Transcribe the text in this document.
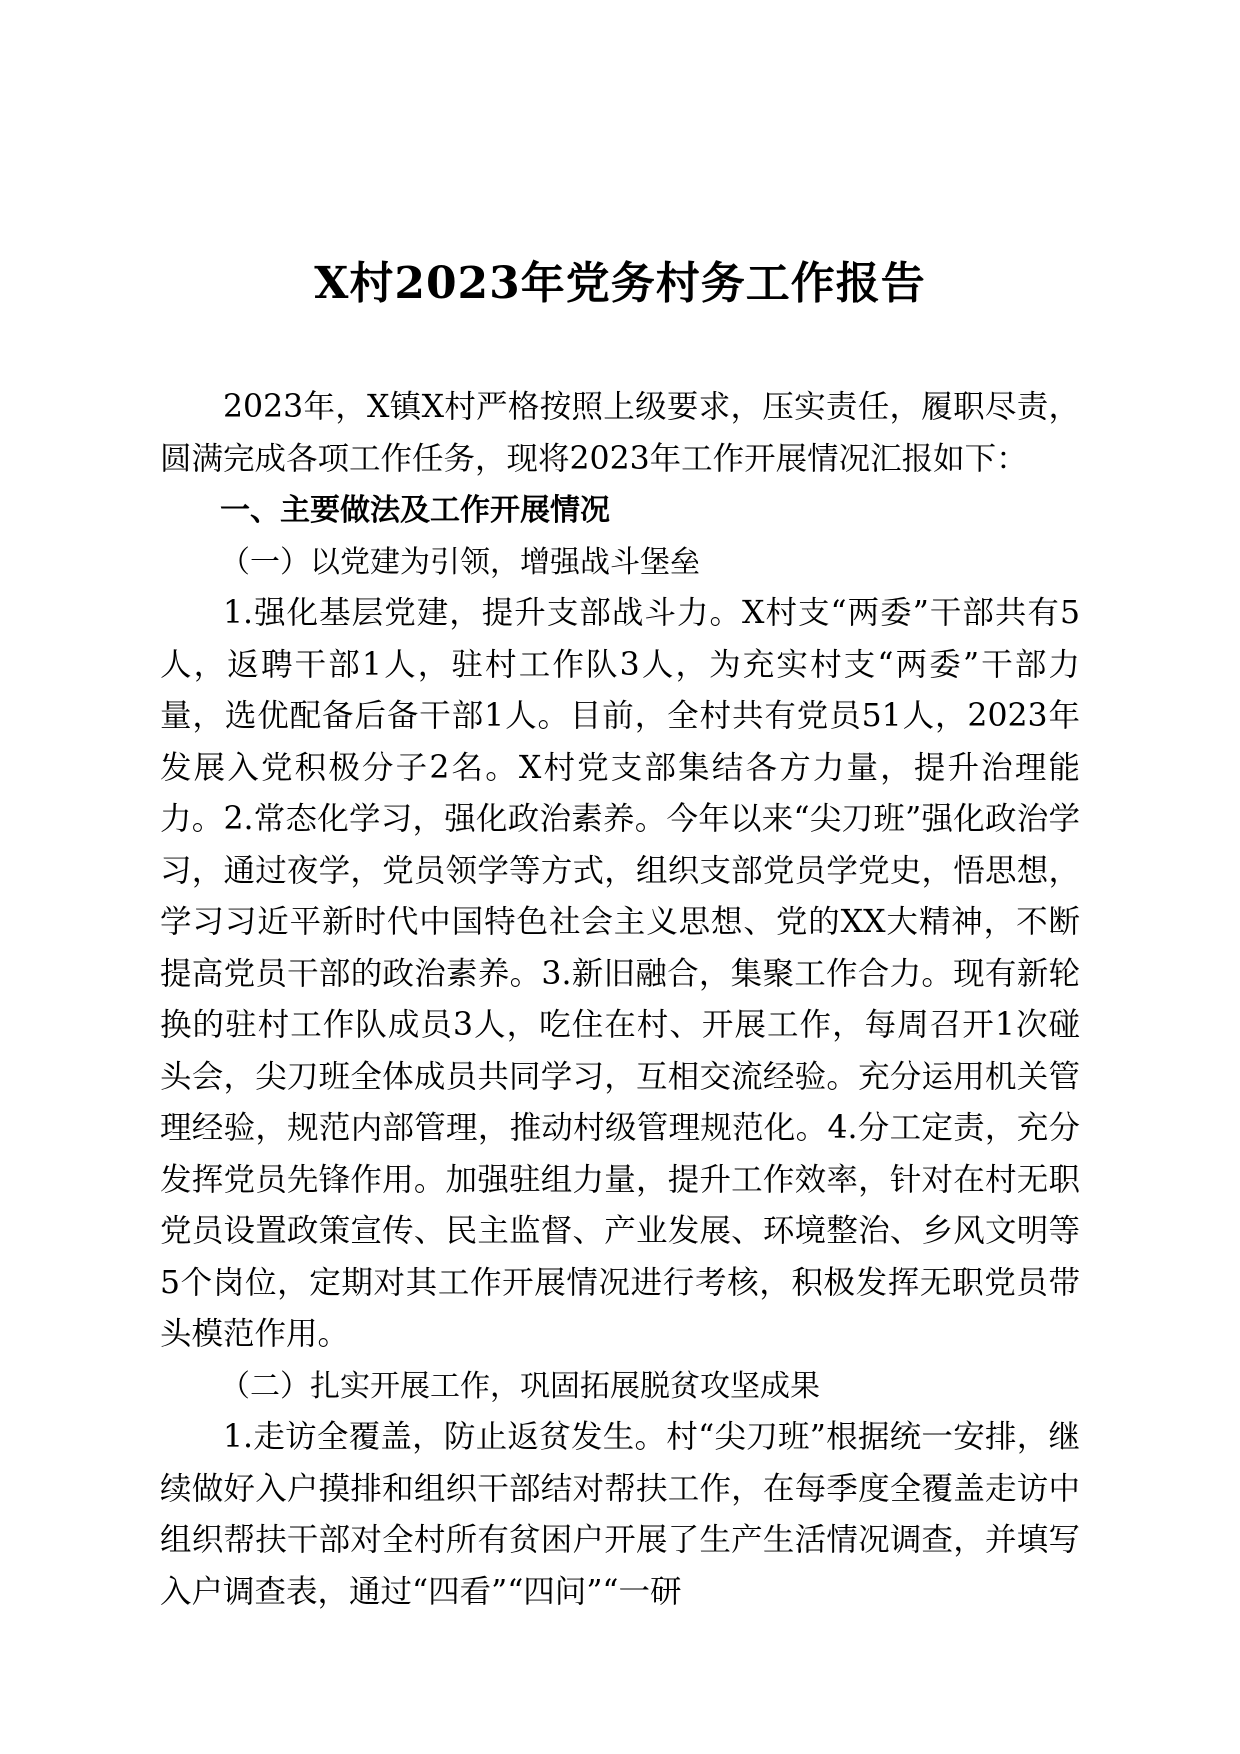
X村2023年党务村务工作报告

2023年，X镇X村严格按照上级要求，压实责任，履职尽责，圆满完成各项工作任务，现将2023年工作开展情况汇报如下：

一、主要做法及工作开展情况

（一）以党建为引领，增强战斗堡垒

1.强化基层党建，提升支部战斗力。X村支“两委”干部共有5人，返聘干部1人，驻村工作队3人，为充实村支“两委”干部力量，选优配备后备干部1人。目前，全村共有党员51人，2023年发展入党积极分子2名。X村党支部集结各方力量，提升治理能力。2.常态化学习，强化政治素养。今年以来“尖刀班”强化政治学习，通过夜学，党员领学等方式，组织支部党员学党史，悟思想，学习习近平新时代中国特色社会主义思想、党的XX大精神，不断提高党员干部的政治素养。3.新旧融合，集聚工作合力。现有新轮换的驻村工作队成员3人，吃住在村、开展工作，每周召开1次碰头会，尖刀班全体成员共同学习，互相交流经验。充分运用机关管理经验，规范内部管理，推动村级管理规范化。4.分工定责，充分发挥党员先锋作用。加强驻组力量，提升工作效率，针对在村无职党员设置政策宣传、民主监督、产业发展、环境整治、乡风文明等5个岗位，定期对其工作开展情况进行考核，积极发挥无职党员带头模范作用。

（二）扎实开展工作，巩固拓展脱贫攻坚成果

1.走访全覆盖，防止返贫发生。村“尖刀班”根据统一安排，继续做好入户摸排和组织干部结对帮扶工作，在每季度全覆盖走访中组织帮扶干部对全村所有贫困户开展了生产生活情况调查，并填写入户调查表，通过“四看”“四问”“一研
